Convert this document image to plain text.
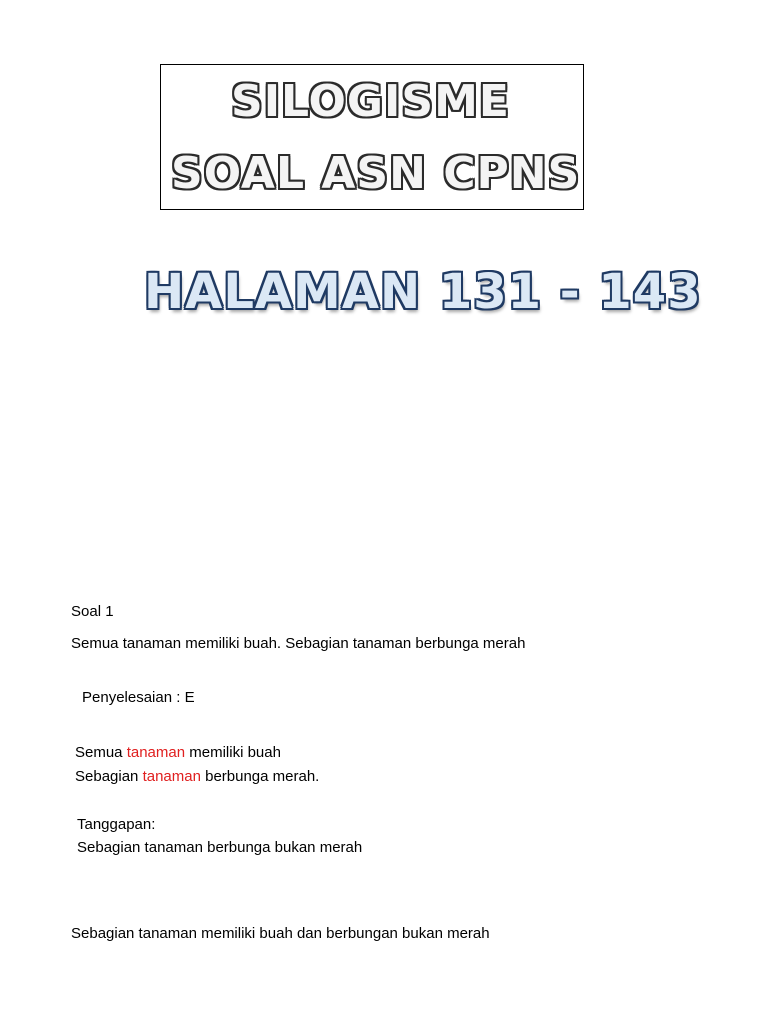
SILOGISME

SOAL ASN CPNS

HALAMAN 131 - 143

Soal 1

Semua tanaman memiliki buah. Sebagian tanaman berbunga merah

Penyelesaian : E

Semua tanaman memiliki buah

Sebagian tanaman berbunga merah.

Tanggapan:

Sebagian tanaman berbunga bukan merah

Sebagian tanaman memiliki buah dan berbungan bukan merah
